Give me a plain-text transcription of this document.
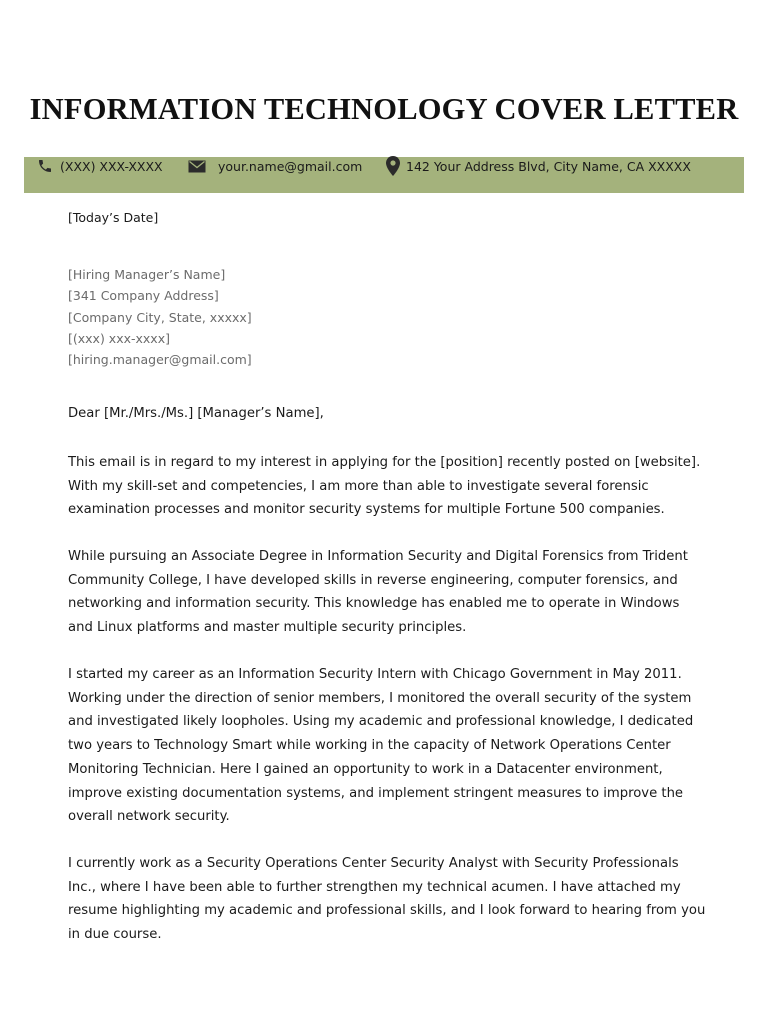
INFORMATION TECHNOLOGY COVER LETTER
(XXX) XXX-XXXX	your.name@gmail.com	142 Your Address Blvd, City Name, CA XXXXX

[Today’s Date]

[Hiring Manager’s Name]
[341 Company Address]
[Company City, State, xxxxx]
[(xxx) xxx-xxxx]
[hiring.manager@gmail.com]

Dear [Mr./Mrs./Ms.] [Manager’s Name],

This email is in regard to my interest in applying for the [position] recently posted on [website]. With my skill-set and competencies, I am more than able to investigate several forensic examination processes and monitor security systems for multiple Fortune 500 companies.

While pursuing an Associate Degree in Information Security and Digital Forensics from Trident Community College, I have developed skills in reverse engineering, computer forensics, and networking and information security. This knowledge has enabled me to operate in Windows and Linux platforms and master multiple security principles.

I started my career as an Information Security Intern with Chicago Government in May 2011. Working under the direction of senior members, I monitored the overall security of the system and investigated likely loopholes. Using my academic and professional knowledge, I dedicated two years to Technology Smart while working in the capacity of Network Operations Center Monitoring Technician. Here I gained an opportunity to work in a Datacenter environment, improve existing documentation systems, and implement stringent measures to improve the overall network security.

I currently work as a Security Operations Center Security Analyst with Security Professionals Inc., where I have been able to further strengthen my technical acumen. I have attached my resume highlighting my academic and professional skills, and I look forward to hearing from you in due course.
